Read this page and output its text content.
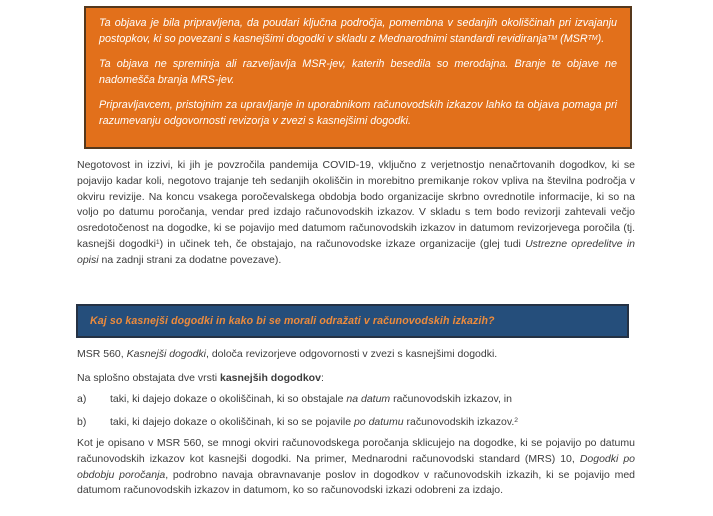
Ta objava je bila pripravljena, da poudari ključna področja, pomembna v sedanjih okoliščinah pri izvajanju postopkov, ki so povezani s kasnejšimi dogodki v skladu z Mednarodnimi standardi revidiranja™ (MSR™).

Ta objava ne spreminja ali razveljavlja MSR-jev, katerih besedila so merodajna. Branje te objave ne nadomešča branja MRS-jev.

Pripravljavcem, pristojnim za upravljanje in uporabnikom računovodskih izkazov lahko ta objava pomaga pri razumevanju odgovornosti revizorja v zvezi s kasnejšimi dogodki.

Negotovost in izzivi, ki jih je povzročila pandemija COVID-19, vključno z verjetnostjo nenačrtovanih dogodkov, ki se pojavijo kadar koli, negotovo trajanje teh sedanjih okoliščin in morebitno premikanje rokov vpliva na številna področja v okviru revizije. Na koncu vsakega poročevalskega obdobja bodo organizacije skrbno ovrednotile informacije, ki so na voljo po datumu poročanja, vendar pred izdajo računovodskih izkazov. V skladu s tem bodo revizorji zahtevali večjo osredotočenost na dogodke, ki se pojavijo med datumom računovodskih izkazov in datumom revizorjevega poročila (tj. kasnejši dogodki$^1$) in učinek teh, če obstajajo, na računovodske izkaze organizacije (glej tudi Ustrezne opredelitve in opisi na zadnji strani za dodatne povezave).
Kaj so kasnejši dogodki in kako bi se morali odražati v računovodskih izkazih?
MSR 560, Kasnejši dogodki, določa revizorjeve odgovornosti v zvezi s kasnejšimi dogodki.
Na splošno obstajata dve vrsti kasnejših dogodkov:
a) taki, ki dajejo dokaze o okoliščinah, ki so obstajale na datum računovodskih izkazov, in
b) taki, ki dajejo dokaze o okoliščinah, ki so se pojavile po datumu računovodskih izkazov.$^2$
Kot je opisano v MSR 560, se mnogi okviri računovodskega poročanja sklicujejo na dogodke, ki se pojavijo po datumu računovodskih izkazov kot kasnejši dogodki. Na primer, Mednarodni računovodski standard (MRS) 10, Dogodki po obdobju poročanja, podrobno navaja obravnavanje poslov in dogodkov v računovodskih izkazih, ki se pojavijo med datumom računovodskih izkazov in datumom, ko so računovodski izkazi odobreni za izdajo.
